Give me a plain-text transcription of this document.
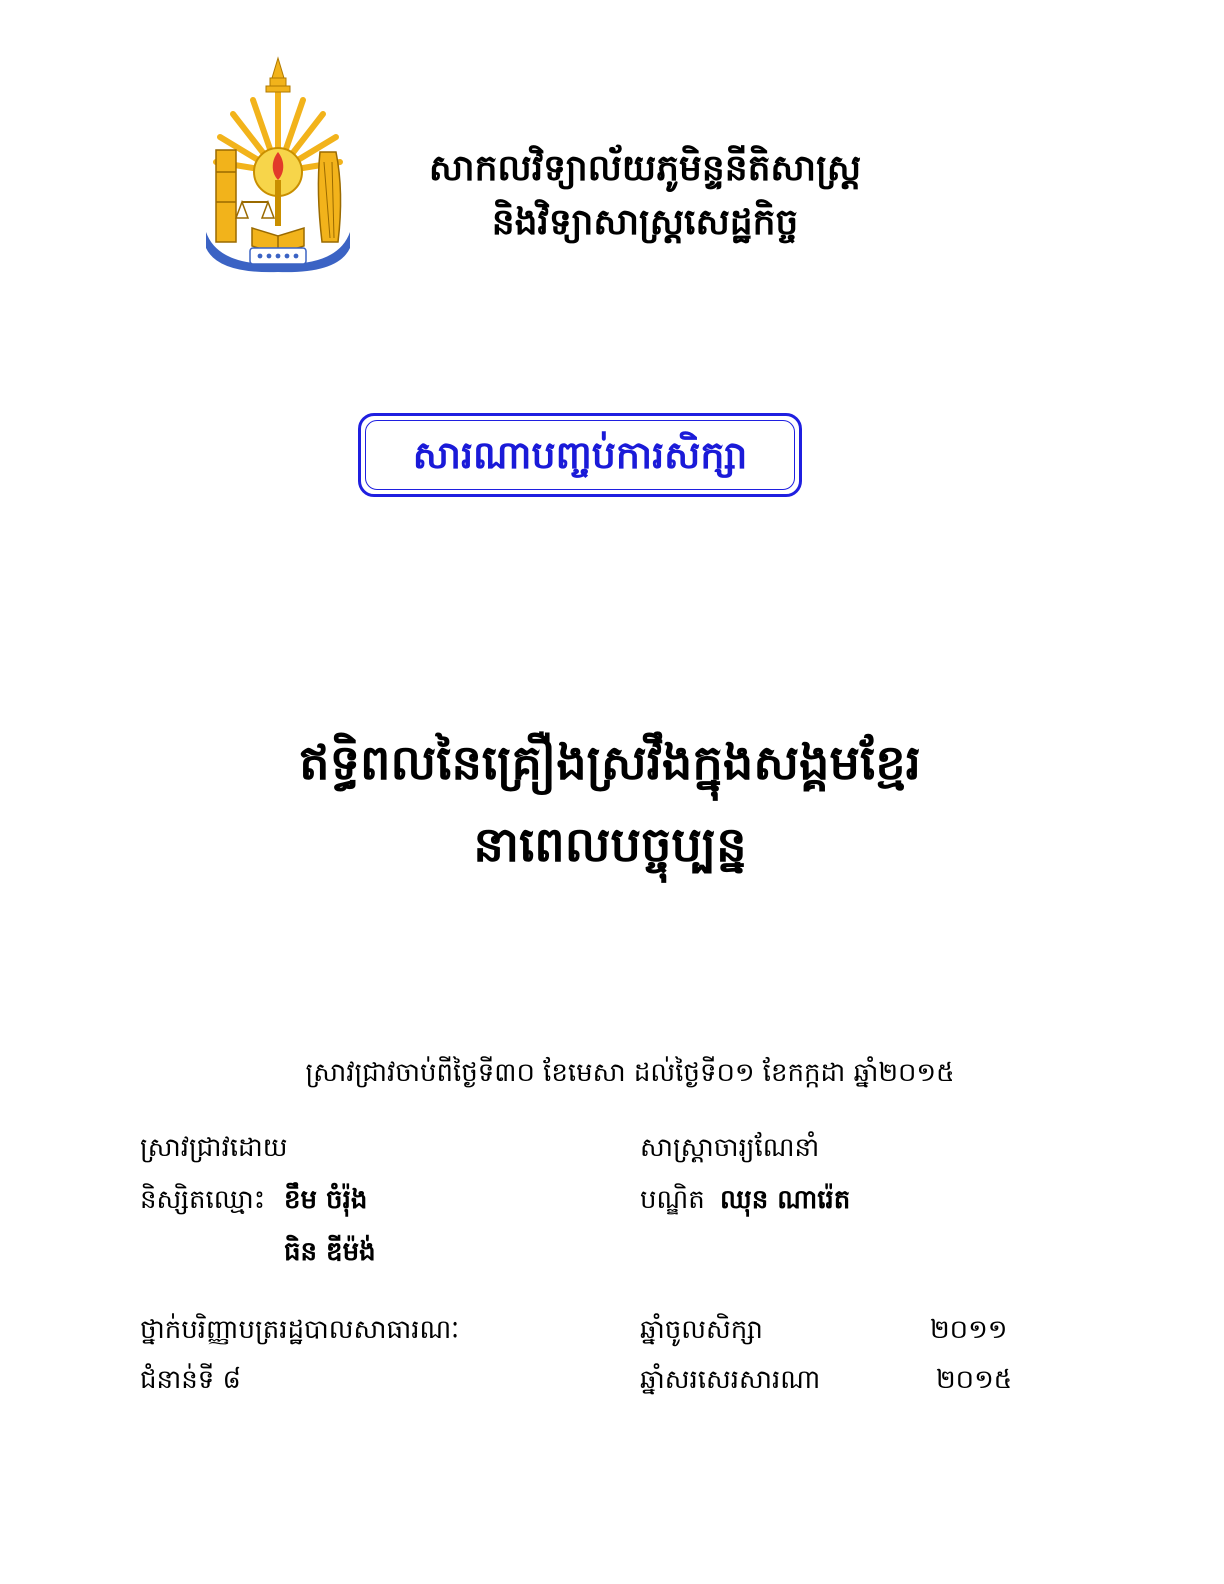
សាកលវិទ្យាល័យភូមិន្ទនីតិសាស្ត្រ
និងវិទ្យាសាស្ត្រសេដ្ឋកិច្ច
សារណាបញ្ចប់ការសិក្សា
ឥទ្ធិពលនៃគ្រឿងស្រវឹងក្នុងសង្គមខ្មែរ
នាពេលបច្ចុប្បន្ន
ស្រាវជ្រាវចាប់ពីថ្ងៃទី៣០ ខែមេសា ដល់ថ្ងៃទី០១ ខែកក្កដា ឆ្នាំ២០១៥
ស្រាវជ្រាវដោយ
និស្សិតឈ្មោះ ខឹម ចំរ៉ុង
ធិន ឌីម៉ង់
សាស្ត្រាចារ្យណែនាំ
បណ្ឌិត ឈុន ណារ៉េត
ថ្នាក់បរិញ្ញាបត្ររដ្ឋបាលសាធារណៈ
ជំនាន់ទី ៨
ឆ្នាំចូលសិក្សា	២០១១
ឆ្នាំសរសេរសារណា	២០១៥
